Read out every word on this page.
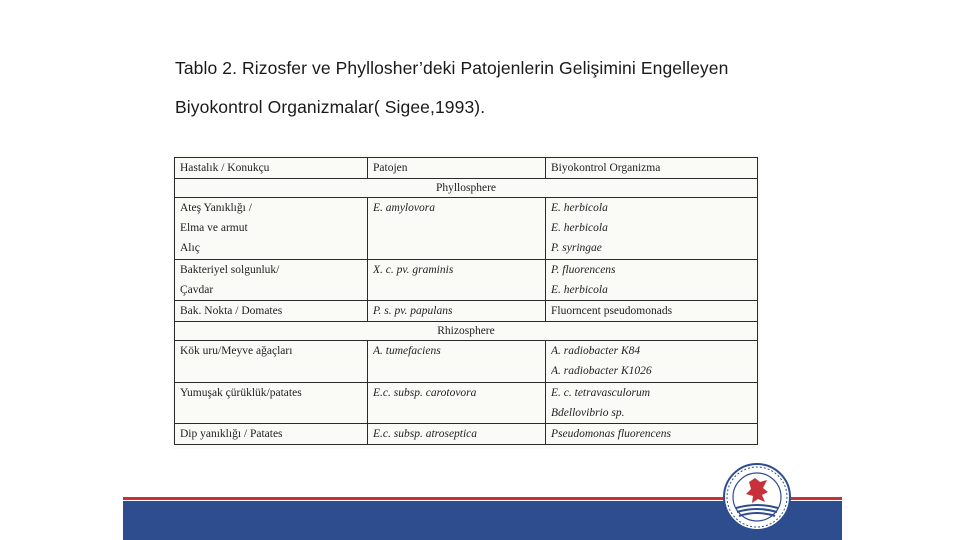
Tablo 2. Rizosfer ve Phyllosher’deki Patojenlerin Gelişimini Engelleyen
Biyokontrol Organizmalar( Sigee,1993).
Hastalık / Konukçu	Patojen	Biyokontrol Organizma

Phyllosphere		

Ateş Yanıklığı /
Elma ve armut
Alıç	E. amylovora	E. herbicola
E. herbicola
P. syringae

Bakteriyel solgunluk/
Çavdar	X. c. pv. graminis	P. fluorencens
E. herbicola

Bak. Nokta / Domates	P. s. pv. papulans	Fluorncent pseudomonads

Rhizosphere		

Kök uru/Meyve ağaçları	A. tumefaciens	A. radiobacter K84
A. radiobacter K1026

Yumuşak çürüklük/patates	E.c. subsp. carotovora	E. c. tetravasculorum
Bdellovibrio sp.

Dip yanıklığı / Patates	E.c. subsp. atroseptica	Pseudomonas fluorencens
